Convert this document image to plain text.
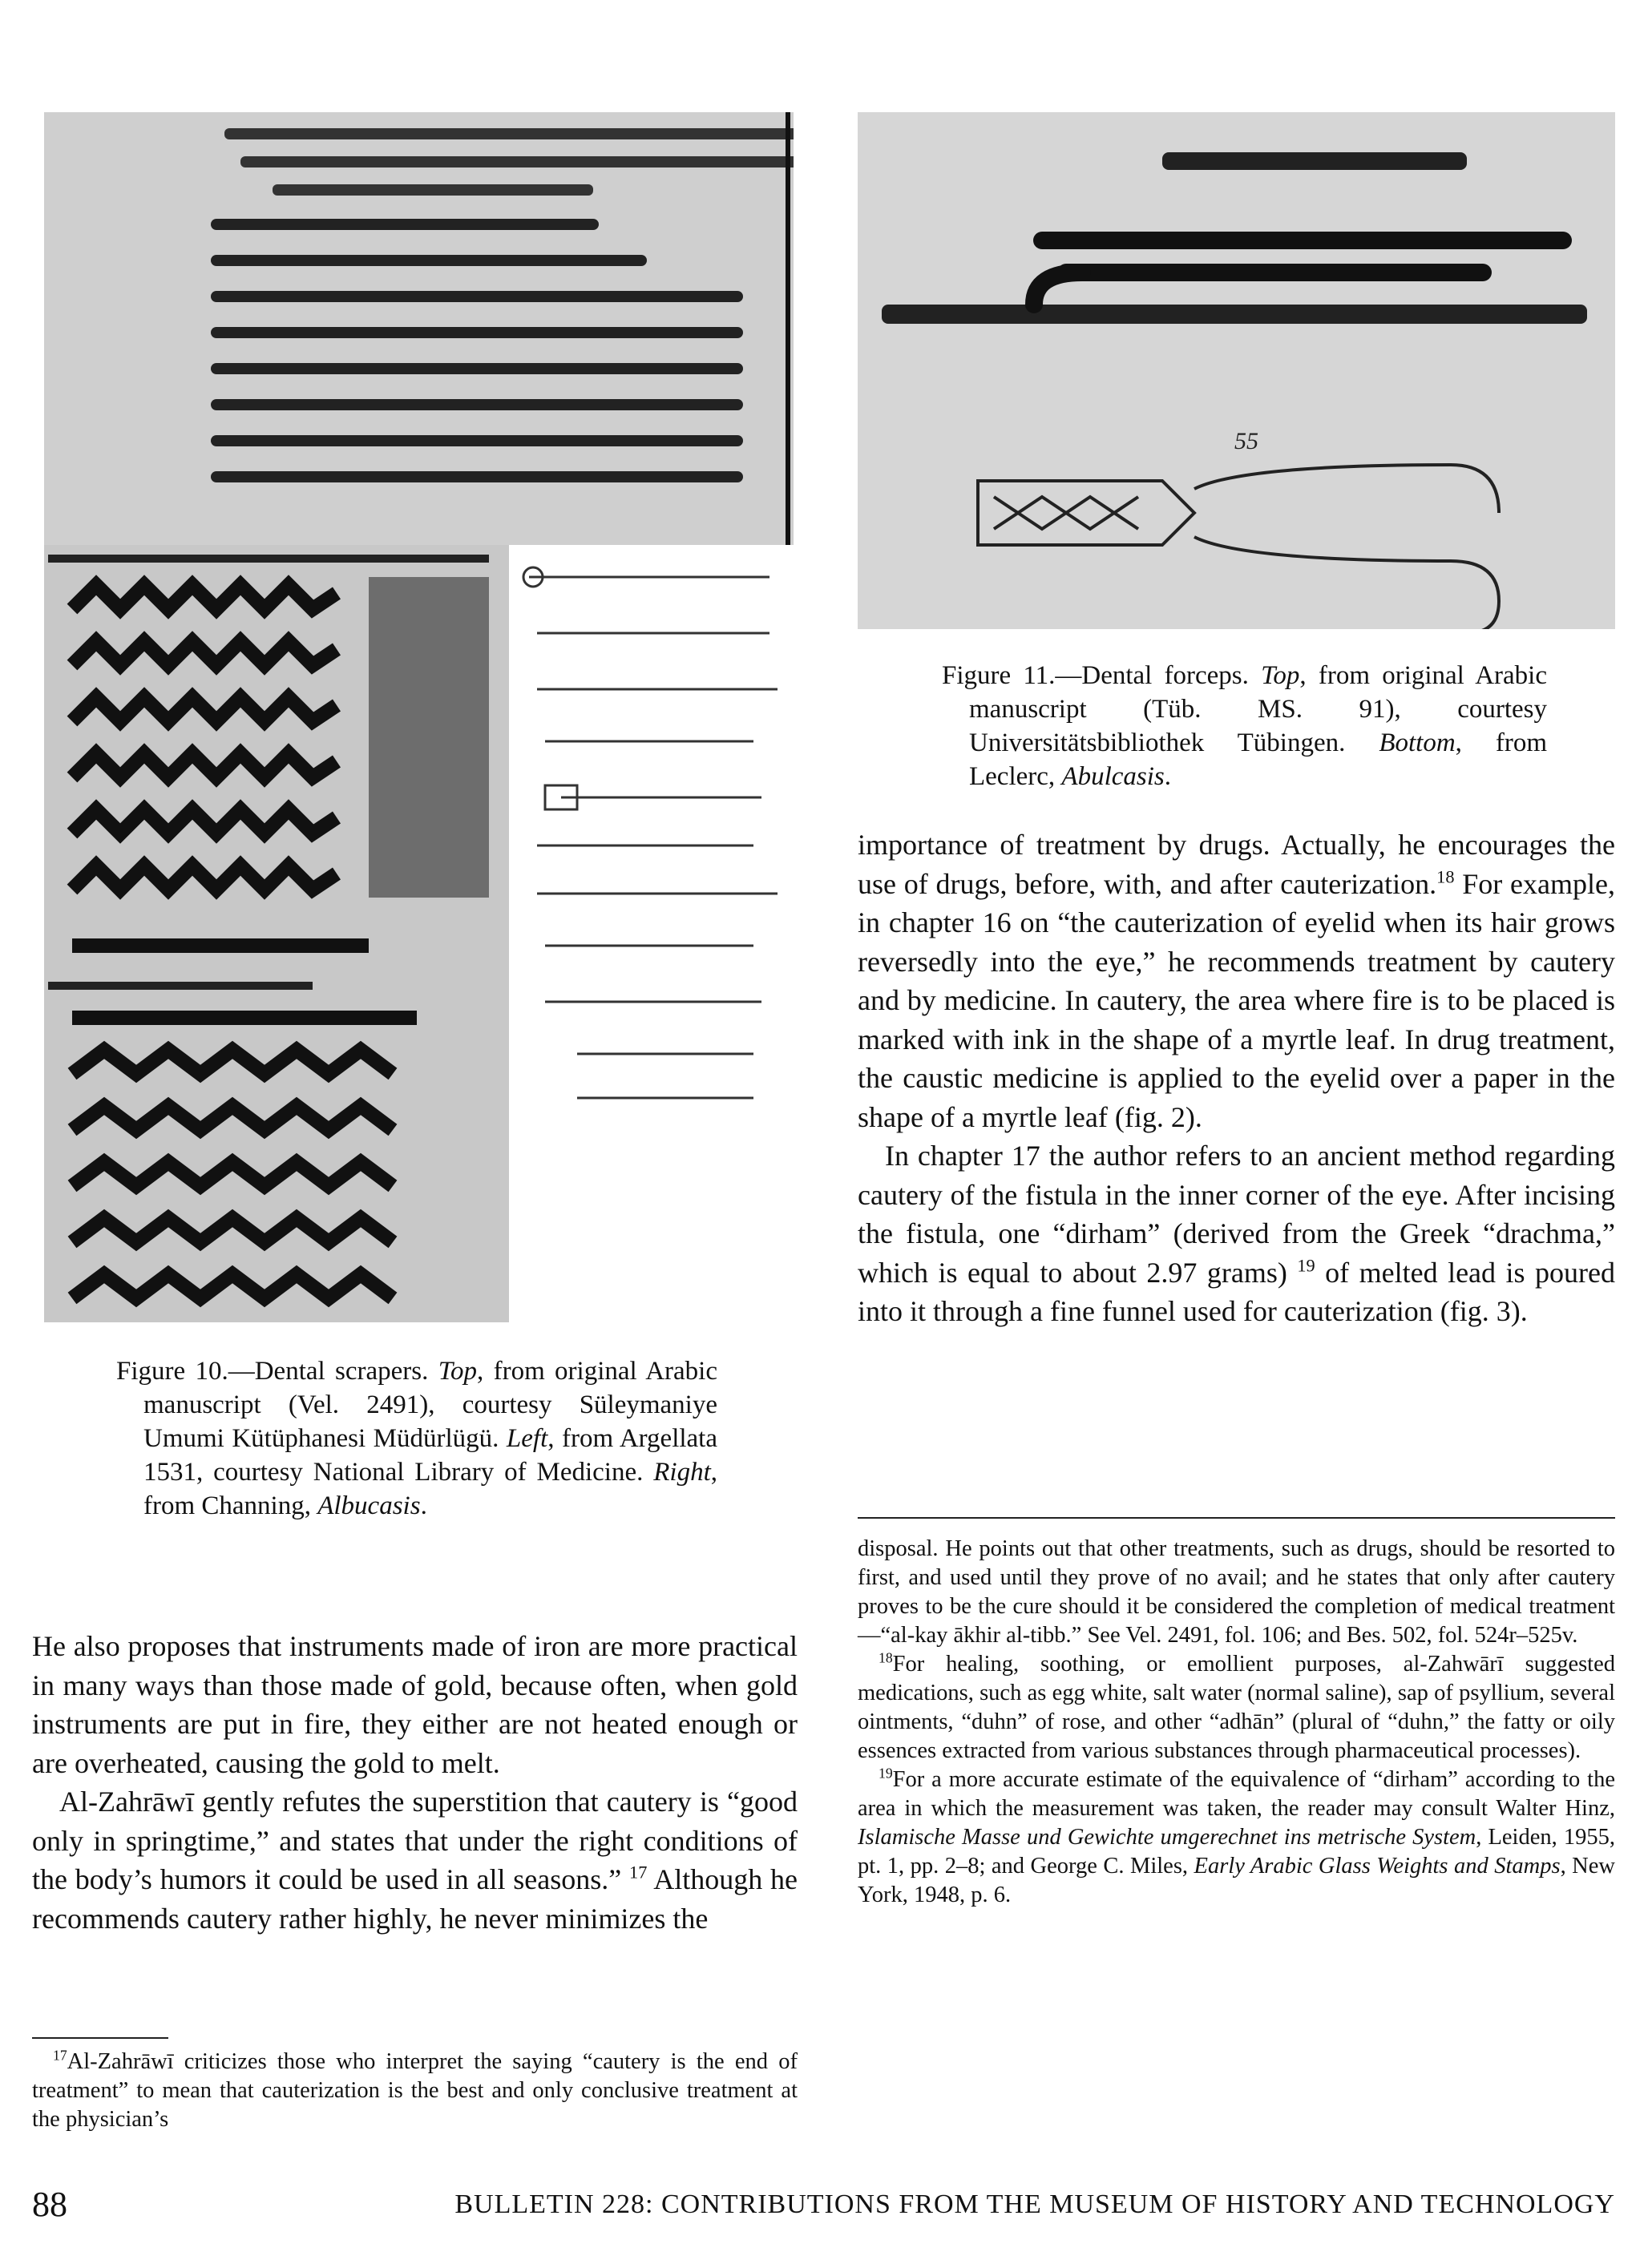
55

Figure 11.—Dental forceps. Top, from original Arabic manuscript (Tüb. MS. 91), courtesy Universitätsbibliothek Tübingen. Bottom, from Leclerc, Abulcasis.

Figure 10.—Dental scrapers. Top, from original Arabic manuscript (Vel. 2491), courtesy Süleymaniye Umumi Kütüphanesi Müdürlügü. Left, from Argellata 1531, courtesy National Library of Medicine. Right, from Channing, Albucasis.

He also proposes that instruments made of iron are more practical in many ways than those made of gold, because often, when gold instruments are put in fire, they either are not heated enough or are overheated, causing the gold to melt.

Al-Zahrāwī gently refutes the superstition that cautery is “good only in springtime,” and states that under the right conditions of the body’s humors it could be used in all seasons.” $^{17}$ Although he recommends cautery rather highly, he never minimizes the

$^{17}$Al-Zahrāwī criticizes those who interpret the saying “cautery is the end of treatment” to mean that cauterization is the best and only conclusive treatment at the physician’s

importance of treatment by drugs. Actually, he encourages the use of drugs, before, with, and after cauterization.$^{18}$ For example, in chapter 16 on “the cauterization of eyelid when its hair grows reversedly into the eye,” he recommends treatment by cautery and by medicine. In cautery, the area where fire is to be placed is marked with ink in the shape of a myrtle leaf. In drug treatment, the caustic medicine is applied to the eyelid over a paper in the shape of a myrtle leaf (fig. 2).

In chapter 17 the author refers to an ancient method regarding cautery of the fistula in the inner corner of the eye. After incising the fistula, one “dirham” (derived from the Greek “drachma,” which is equal to about 2.97 grams) $^{19}$ of melted lead is poured into it through a fine funnel used for cauterization (fig. 3).

disposal. He points out that other treatments, such as drugs, should be resorted to first, and used until they prove of no avail; and he states that only after cautery proves to be the cure should it be considered the completion of medical treatment—“al-kay ākhir al-tibb.” See Vel. 2491, fol. 106; and Bes. 502, fol. 524r–525v.

$^{18}$For healing, soothing, or emollient purposes, al-Zahwārī suggested medications, such as egg white, salt water (normal saline), sap of psyllium, several ointments, “duhn” of rose, and other “adhān” (plural of “duhn,” the fatty or oily essences extracted from various substances through pharmaceutical processes).

$^{19}$For a more accurate estimate of the equivalence of “dirham” according to the area in which the measurement was taken, the reader may consult Walter Hinz, Islamische Masse und Gewichte umgerechnet ins metrische System, Leiden, 1955, pt. 1, pp. 2–8; and George C. Miles, Early Arabic Glass Weights and Stamps, New York, 1948, p. 6.

88	BULLETIN 228: CONTRIBUTIONS FROM THE MUSEUM OF HISTORY AND TECHNOLOGY
